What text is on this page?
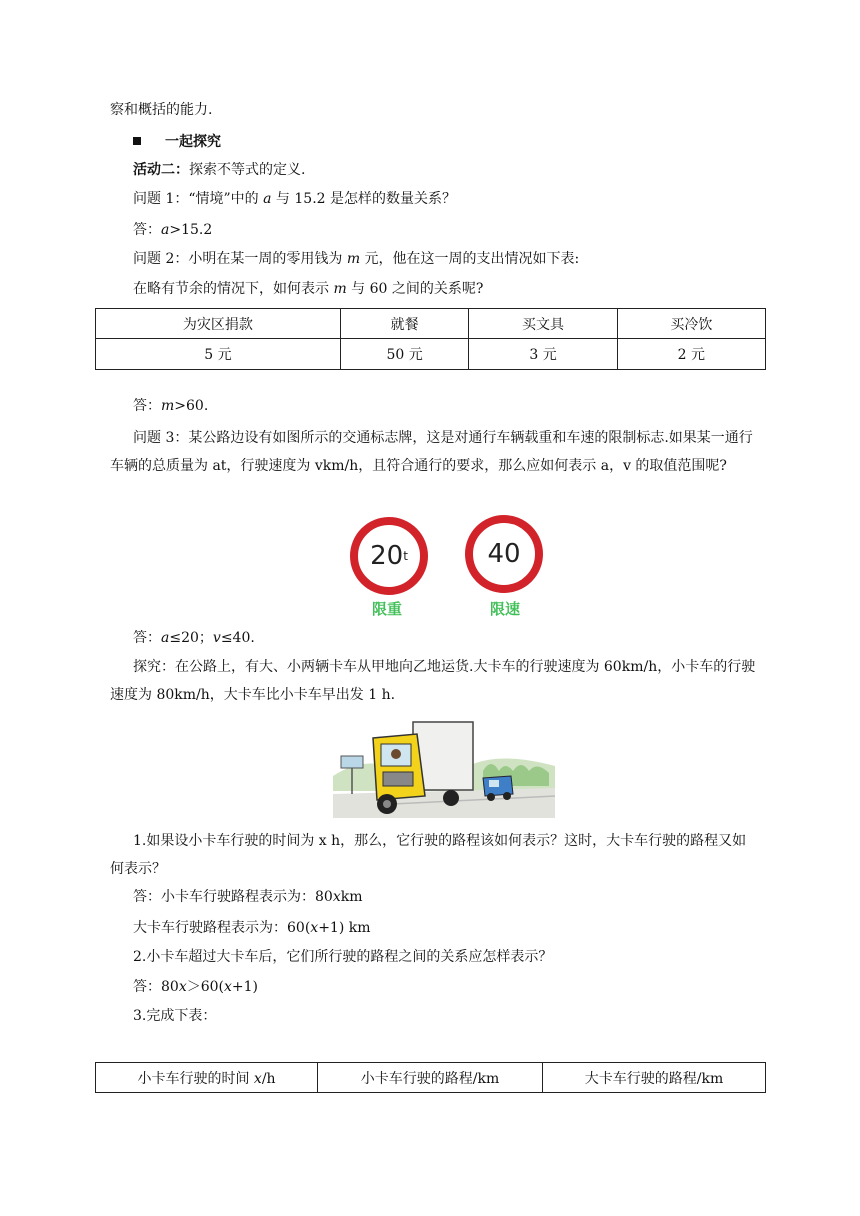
察和概括的能力.
一起探究
活动二：探索不等式的定义.
问题 1：“情境”中的 a 与 15.2 是怎样的数量关系？
答：a>15.2
问题 2：小明在某一周的零用钱为 m 元，他在这一周的支出情况如下表:
在略有节余的情况下，如何表示 m 与 60 之间的关系呢?
为灾区捐款	就餐	买文具	买冷饮
5 元	50 元	3 元	2 元
答：m>60.
问题 3：某公路边设有如图所示的交通标志牌，这是对通行车辆载重和车速的限制标志.如果某一通行车辆的总质量为 at，行驶速度为 vkm/h，且符合通行的要求，那么应如何表示 a，v 的取值范围呢?
20 t
限重
40
限速
答：a≤20；v≤40.
探究：在公路上，有大、小两辆卡车从甲地向乙地运货.大卡车的行驶速度为 60km/h，小卡车的行驶速度为 80km/h，大卡车比小卡车早出发 1 h.
1.如果设小卡车行驶的时间为 x h，那么，它行驶的路程该如何表示？这时，大卡车行驶的路程又如何表示？
答：小卡车行驶路程表示为：80xkm
大卡车行驶路程表示为：60(x+1) km
2.小卡车超过大卡车后，它们所行驶的路程之间的关系应怎样表示？
答：80x＞60(x+1)
3.完成下表：
小卡车行驶的时间 x/h	小卡车行驶的路程/km	大卡车行驶的路程/km
